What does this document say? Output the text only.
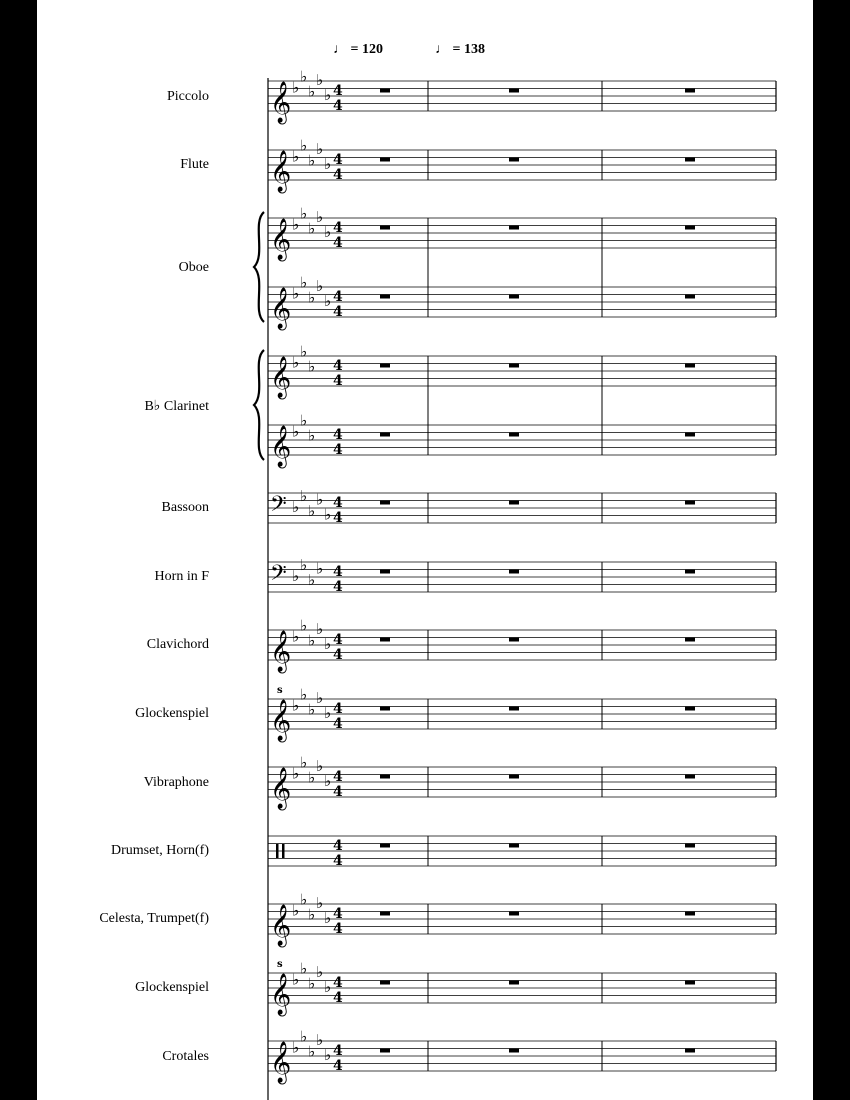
♩ = 120	♩ = 138
Piccolo
Flute
Oboe
B♭ Clarinet
Bassoon
Horn in F
Clavichord
Glockenspiel
Vibraphone
Drumset, Horn(f)
Celesta, Trumpet(f)
Glockenspiel
Crotales
𝄞 ♭
♭
♭
♭
♭ 4
4
𝄞 ♭
♭
♭
♭
♭ 4
4
𝄞 ♭
♭
♭
♭
♭ 4
4
𝄞 ♭
♭
♭
♭
♭ 4
4
𝄞 ♭
♭
♭ 4
4
𝄞 ♭
♭
♭ 4
4
𝄢 ♭
♭
♭
♭
♭
4
4
𝄢 ♭
♭
♭
♭ 4
4
𝄞 ♭
♭
♭
♭
♭ 4
4
𝄞
s
♭
♭
♭
♭
♭ 4
4
𝄞 ♭
♭
♭
♭
♭ 4
4
4
4
𝄞 ♭
♭
♭
♭
♭ 4
4
𝄞
s
♭
♭
♭
♭
♭ 4
4
𝄞 ♭
♭
♭
♭
♭ 4
4
